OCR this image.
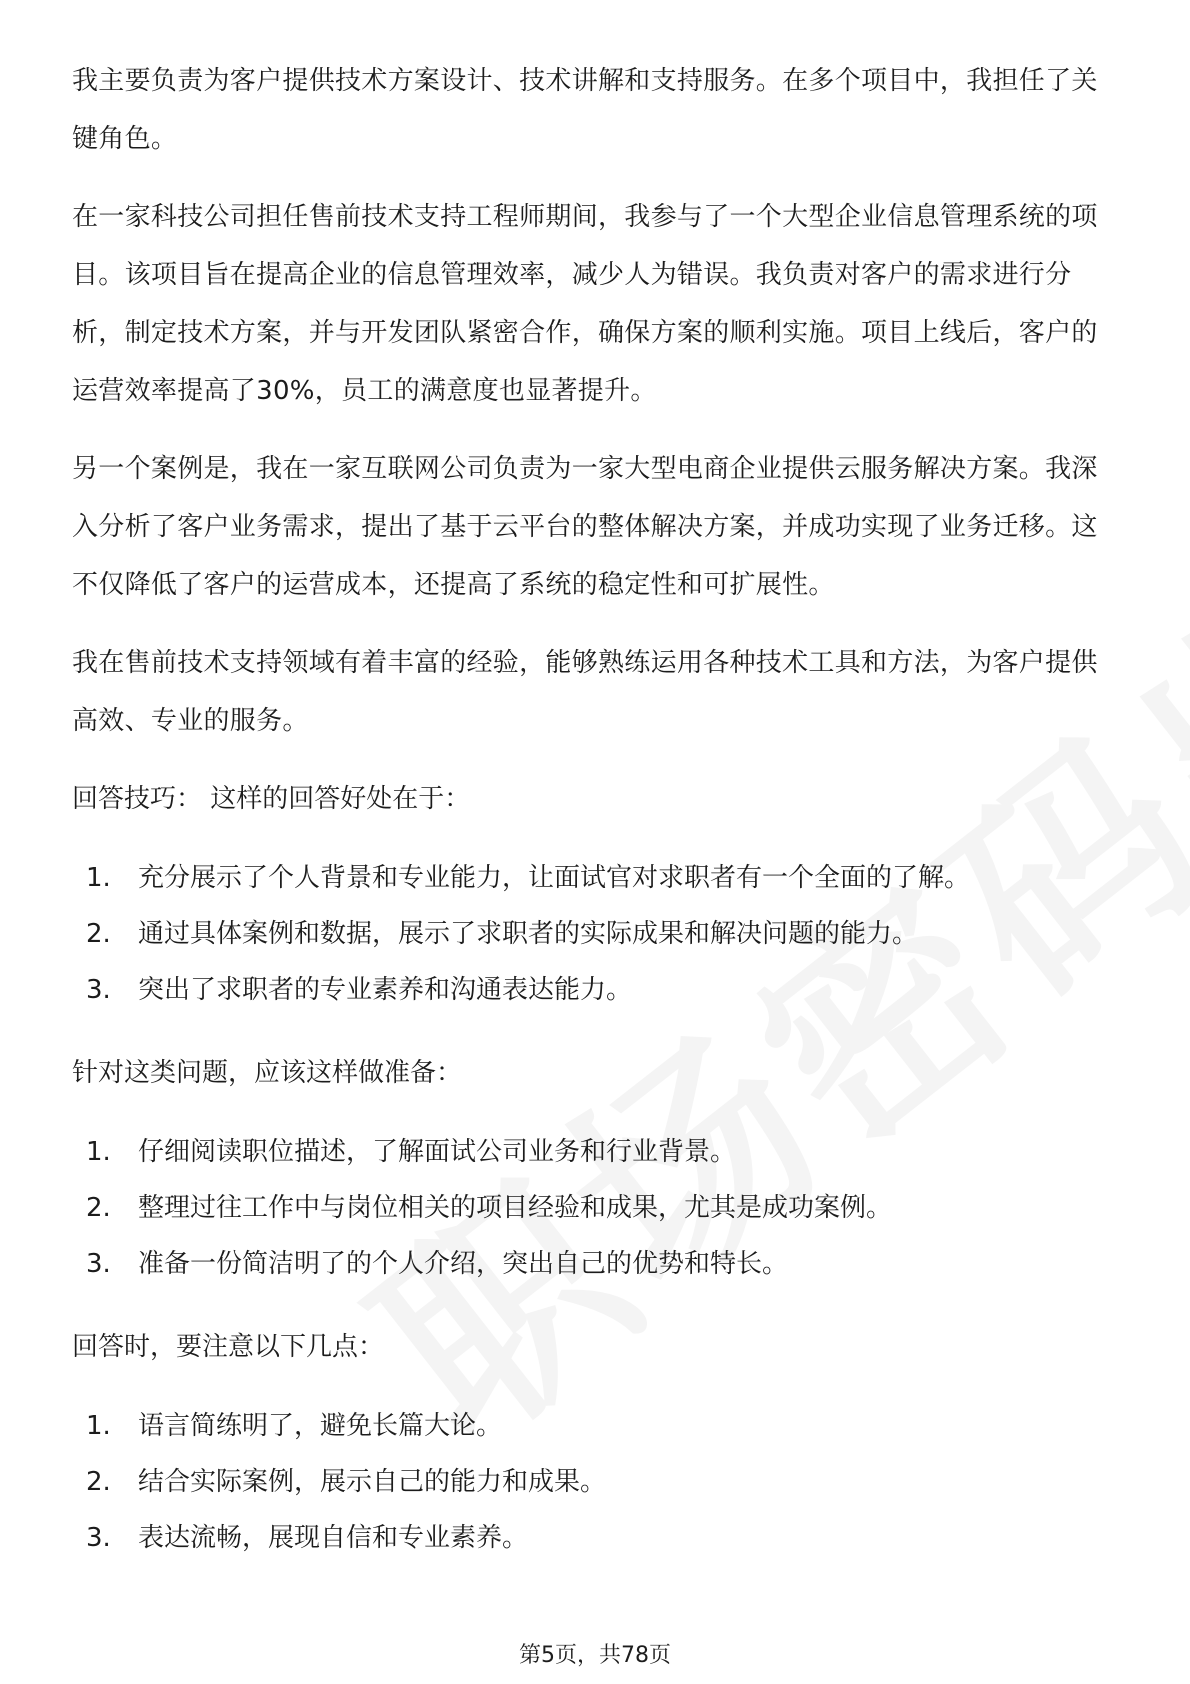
我主要负责为客户提供技术方案设计、技术讲解和支持服务。在多个项目中，我担任了关键角色。

在一家科技公司担任售前技术支持工程师期间，我参与了一个大型企业信息管理系统的项目。该项目旨在提高企业的信息管理效率，减少人为错误。我负责对客户的需求进行分析，制定技术方案，并与开发团队紧密合作，确保方案的顺利实施。项目上线后，客户的运营效率提高了30%，员工的满意度也显著提升。

另一个案例是，我在一家互联网公司负责为一家大型电商企业提供云服务解决方案。我深入分析了客户业务需求，提出了基于云平台的整体解决方案，并成功实现了业务迁移。这不仅降低了客户的运营成本，还提高了系统的稳定性和可扩展性。

我在售前技术支持领域有着丰富的经验，能够熟练运用各种技术工具和方法，为客户提供高效、专业的服务。

回答技巧： 这样的回答好处在于：
1.	充分展示了个人背景和专业能力，让面试官对求职者有一个全面的了解。
2.	通过具体案例和数据，展示了求职者的实际成果和解决问题的能力。
3.	突出了求职者的专业素养和沟通表达能力。
针对这类问题，应该这样做准备：
1.	仔细阅读职位描述，了解面试公司业务和行业背景。
2.	整理过往工作中与岗位相关的项目经验和成果，尤其是成功案例。
3.	准备一份简洁明了的个人介绍，突出自己的优势和特长。
回答时，要注意以下几点：
1.	语言简练明了，避免长篇大论。
2.	结合实际案例，展示自己的能力和成果。
3.	表达流畅，展现自信和专业素养。
第5页，共78页
